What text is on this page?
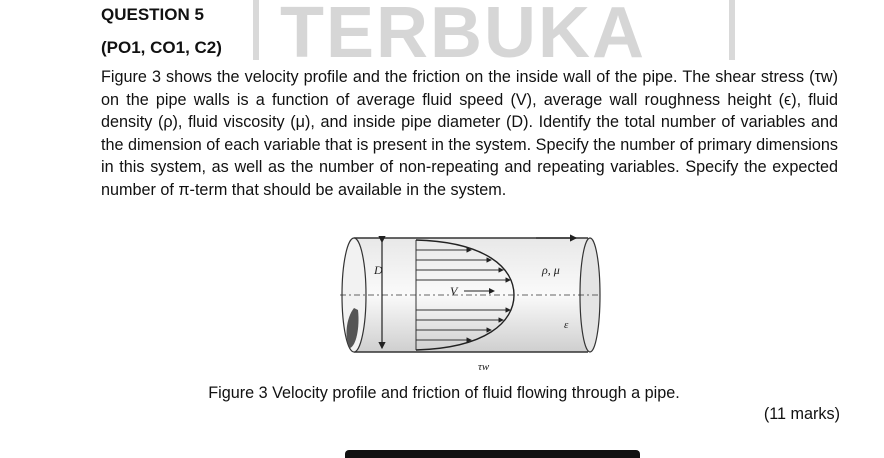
TERBUKA
QUESTION 5
(PO1, CO1, C2)
Figure 3 shows the velocity profile and the friction on the inside wall of the pipe. The shear stress (τw) on the pipe walls is a function of average fluid speed (V), average wall roughness height (ϵ), fluid density (ρ), fluid viscosity (μ), and inside pipe diameter (D). Identify the total number of variables and the dimension of each variable that is present in the system. Specify the number of primary dimensions in this system, as well as the number of non-repeating and repeating variables. Specify the expected number of π-term that should be available in the system.
D
V
ρ, μ
ε
τw
Figure 3 Velocity profile and friction of fluid flowing through a pipe.
(11 marks)
